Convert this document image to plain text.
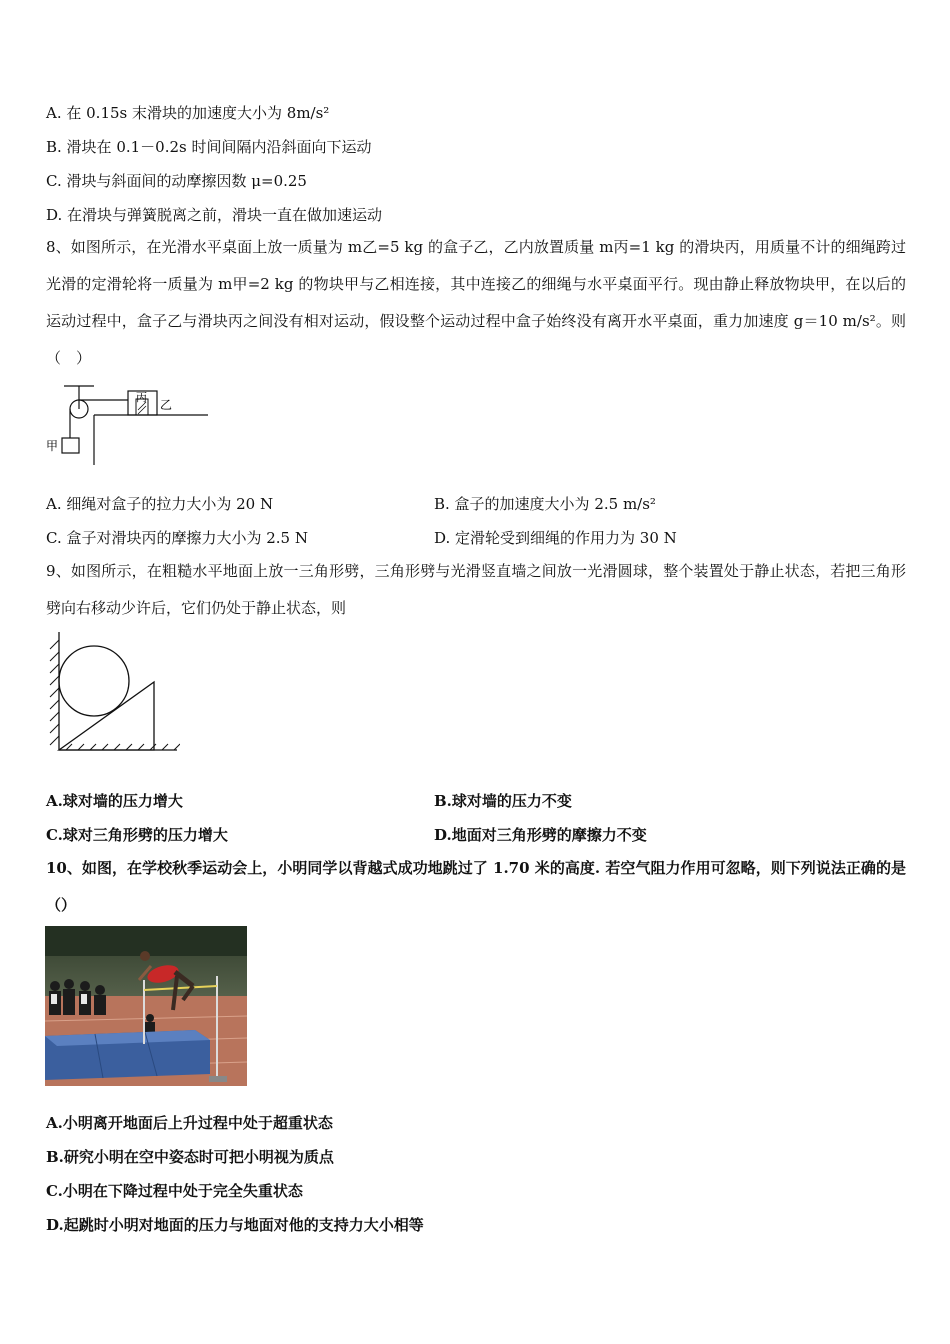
A. 在 0.15s 末滑块的加速度大小为 8m/s²
B. 滑块在 0.1－0.2s 时间间隔内沿斜面向下运动
C. 滑块与斜面间的动摩擦因数 μ=0.25
D. 在滑块与弹簧脱离之前，滑块一直在做加速运动
8、如图所示，在光滑水平桌面上放一质量为 m乙=5 kg 的盒子乙，乙内放置质量 m丙=1 kg 的滑块丙，用质量不计的细绳跨过光滑的定滑轮将一质量为 m甲=2 kg 的物块甲与乙相连接，其中连接乙的细绳与水平桌面平行。现由静止释放物块甲，在以后的运动过程中，盒子乙与滑块丙之间没有相对运动，假设整个运动过程中盒子始终没有离开水平桌面，重力加速度 g＝10 m/s²。则（　）
甲
丙
乙
A. 细绳对盒子的拉力大小为 20 N	B. 盒子的加速度大小为 2.5 m/s²
C. 盒子对滑块丙的摩擦力大小为 2.5 N	D. 定滑轮受到细绳的作用力为 30 N
9、如图所示，在粗糙水平地面上放一三角形劈，三角形劈与光滑竖直墙之间放一光滑圆球，整个装置处于静止状态，若把三角形劈向右移动少许后，它们仍处于静止状态，则
A.球对墙的压力增大	B.球对墙的压力不变
C.球对三角形劈的压力增大	D.地面对三角形劈的摩擦力不变
10、如图，在学校秋季运动会上，小明同学以背越式成功地跳过了 1.70 米的高度. 若空气阻力作用可忽略，则下列说法正确的是（）
A.小明离开地面后上升过程中处于超重状态
B.研究小明在空中姿态时可把小明视为质点
C.小明在下降过程中处于完全失重状态
D.起跳时小明对地面的压力与地面对他的支持力大小相等
